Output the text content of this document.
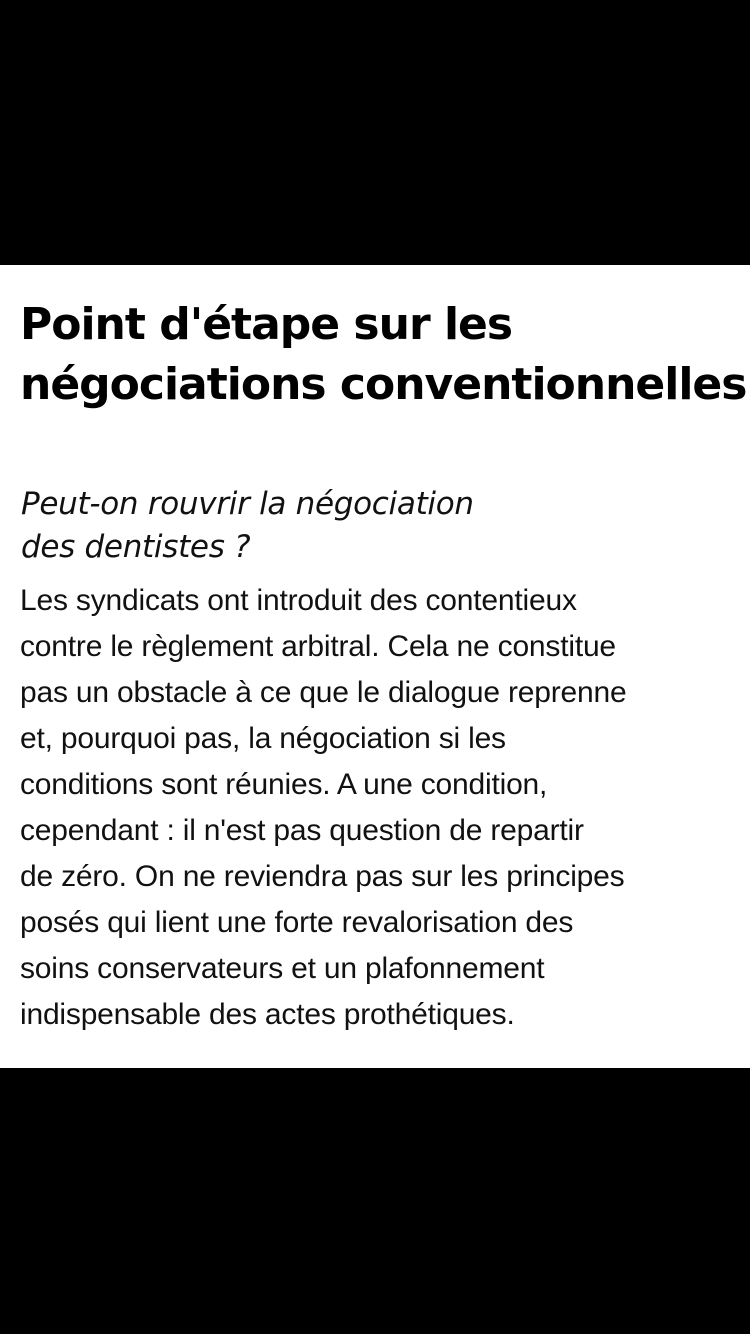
Point d'étape sur les
négociations conventionnelles

Peut-on rouvrir la négociation
des dentistes ?

Les syndicats ont introduit des contentieux
contre le règlement arbitral. Cela ne constitue
pas un obstacle à ce que le dialogue reprenne
et, pourquoi pas, la négociation si les
conditions sont réunies. A une condition,
cependant : il n'est pas question de repartir
de zéro. On ne reviendra pas sur les principes
posés qui lient une forte revalorisation des
soins conservateurs et un plafonnement
indispensable des actes prothétiques.
